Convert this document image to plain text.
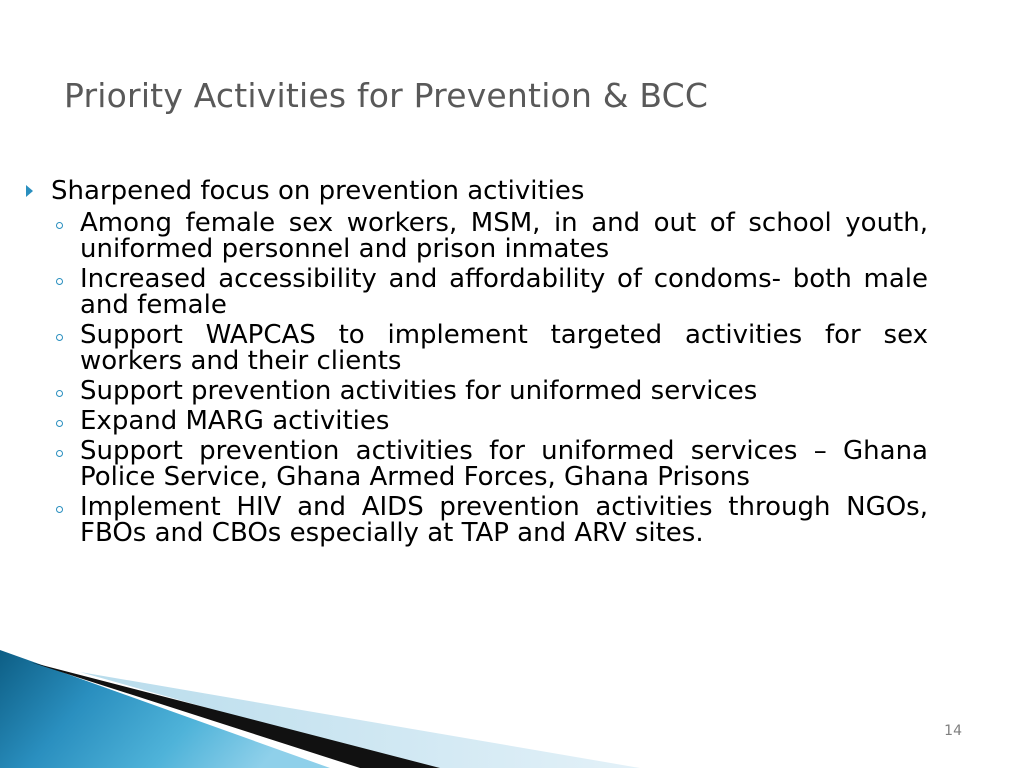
Priority Activities for Prevention & BCC
Sharpened focus on prevention activities
Among female sex workers, MSM, in and out of school youth, uniformed personnel and prison inmates
Increased accessibility and affordability of condoms- both male and female
Support WAPCAS to implement targeted activities for sex workers and their clients
Support prevention activities for uniformed services
Expand MARG activities
Support prevention activities for uniformed services – Ghana Police Service, Ghana Armed Forces, Ghana Prisons
Implement HIV and AIDS prevention activities through NGOs, FBOs and CBOs especially at TAP and ARV sites.
14
